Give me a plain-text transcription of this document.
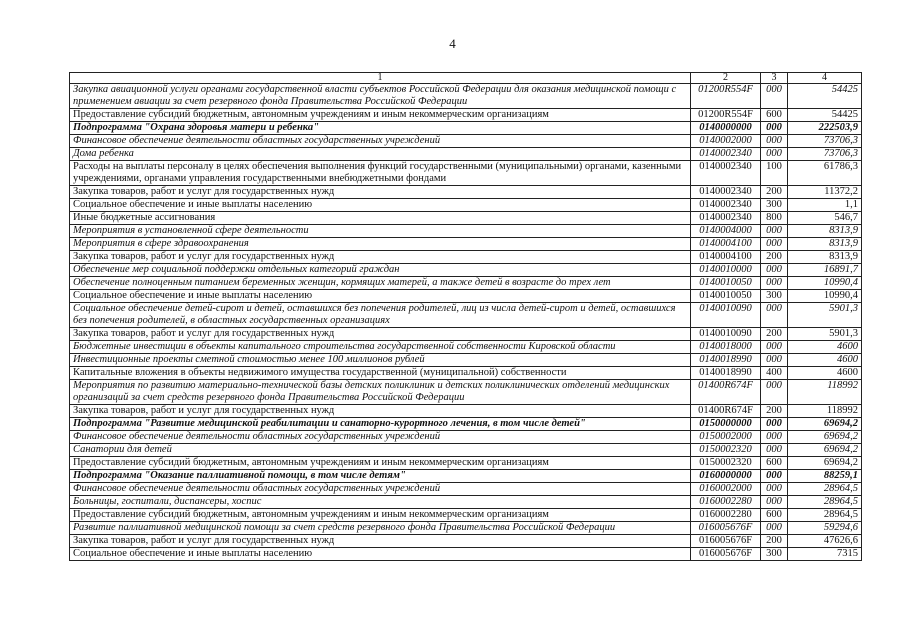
4
1	2	3	4
Закупка авиационной услуги органами государственной власти субъектов Российской Федерации для оказания медицинской помощи с применением авиации за счет резервного фонда Правительства Российской Федерации	01200R554F	000	54425
Предоставление субсидий бюджетным, автономным учреждениям и иным некоммерческим организациям	01200R554F	600	54425
Подпрограмма "Охрана здоровья матери и ребенка"	0140000000	000	222503,9
Финансовое обеспечение деятельности областных государственных учреждений	0140002000	000	73706,3
Дома ребенка	0140002340	000	73706,3
Расходы на выплаты персоналу в целях обеспечения выполнения функций государственными (муниципальными) органами, казенными учреждениями, органами управления государственными внебюджетными фондами	0140002340	100	61786,3
Закупка товаров, работ и услуг для государственных нужд	0140002340	200	11372,2
Социальное обеспечение и иные выплаты населению	0140002340	300	1,1
Иные бюджетные ассигнования	0140002340	800	546,7
Мероприятия в установленной сфере деятельности	0140004000	000	8313,9
Мероприятия в сфере здравоохранения	0140004100	000	8313,9
Закупка товаров, работ и услуг для государственных нужд	0140004100	200	8313,9
Обеспечение мер социальной поддержки отдельных категорий граждан	0140010000	000	16891,7
Обеспечение полноценным питанием беременных женщин, кормящих матерей, а также детей в возрасте до трех лет	0140010050	000	10990,4
Социальное обеспечение и иные выплаты населению	0140010050	300	10990,4
Социальное обеспечение детей-сирот и детей, оставшихся без попечения родителей, лиц из числа детей-сирот и детей, оставшихся без попечения родителей, в областных государственных организациях	0140010090	000	5901,3
Закупка товаров, работ и услуг для государственных нужд	0140010090	200	5901,3
Бюджетные инвестиции в объекты капитального строительства государственной собственности Кировской области	0140018000	000	4600
Инвестиционные проекты сметной стоимостью менее 100 миллионов рублей	0140018990	000	4600
Капитальные вложения в объекты недвижимого имущества государственной (муниципальной) собственности	0140018990	400	4600
Мероприятия по развитию материально-технической базы детских поликлиник и детских поликлинических отделений медицинских организаций за счет средств резервного фонда Правительства Российской Федерации	01400R674F	000	118992
Закупка товаров, работ и услуг для государственных нужд	01400R674F	200	118992
Подпрограмма "Развитие медицинской реабилитации и санаторно-курортного лечения, в том числе детей"	0150000000	000	69694,2
Финансовое обеспечение деятельности областных государственных учреждений	0150002000	000	69694,2
Санатории для детей	0150002320	000	69694,2
Предоставление субсидий бюджетным, автономным учреждениям и иным некоммерческим организациям	0150002320	600	69694,2
Подпрограмма "Оказание паллиативной помощи, в том числе детям"	0160000000	000	88259,1
Финансовое обеспечение деятельности областных государственных учреждений	0160002000	000	28964,5
Больницы, госпитали, диспансеры, хоспис	0160002280	000	28964,5
Предоставление субсидий бюджетным, автономным учреждениям и иным некоммерческим организациям	0160002280	600	28964,5
Развитие паллиативной медицинской помощи за счет средств резервного фонда Правительства Российской Федерации	016005676F	000	59294,6
Закупка товаров, работ и услуг для государственных нужд	016005676F	200	47626,6
Социальное обеспечение и иные выплаты населению	016005676F	300	7315
